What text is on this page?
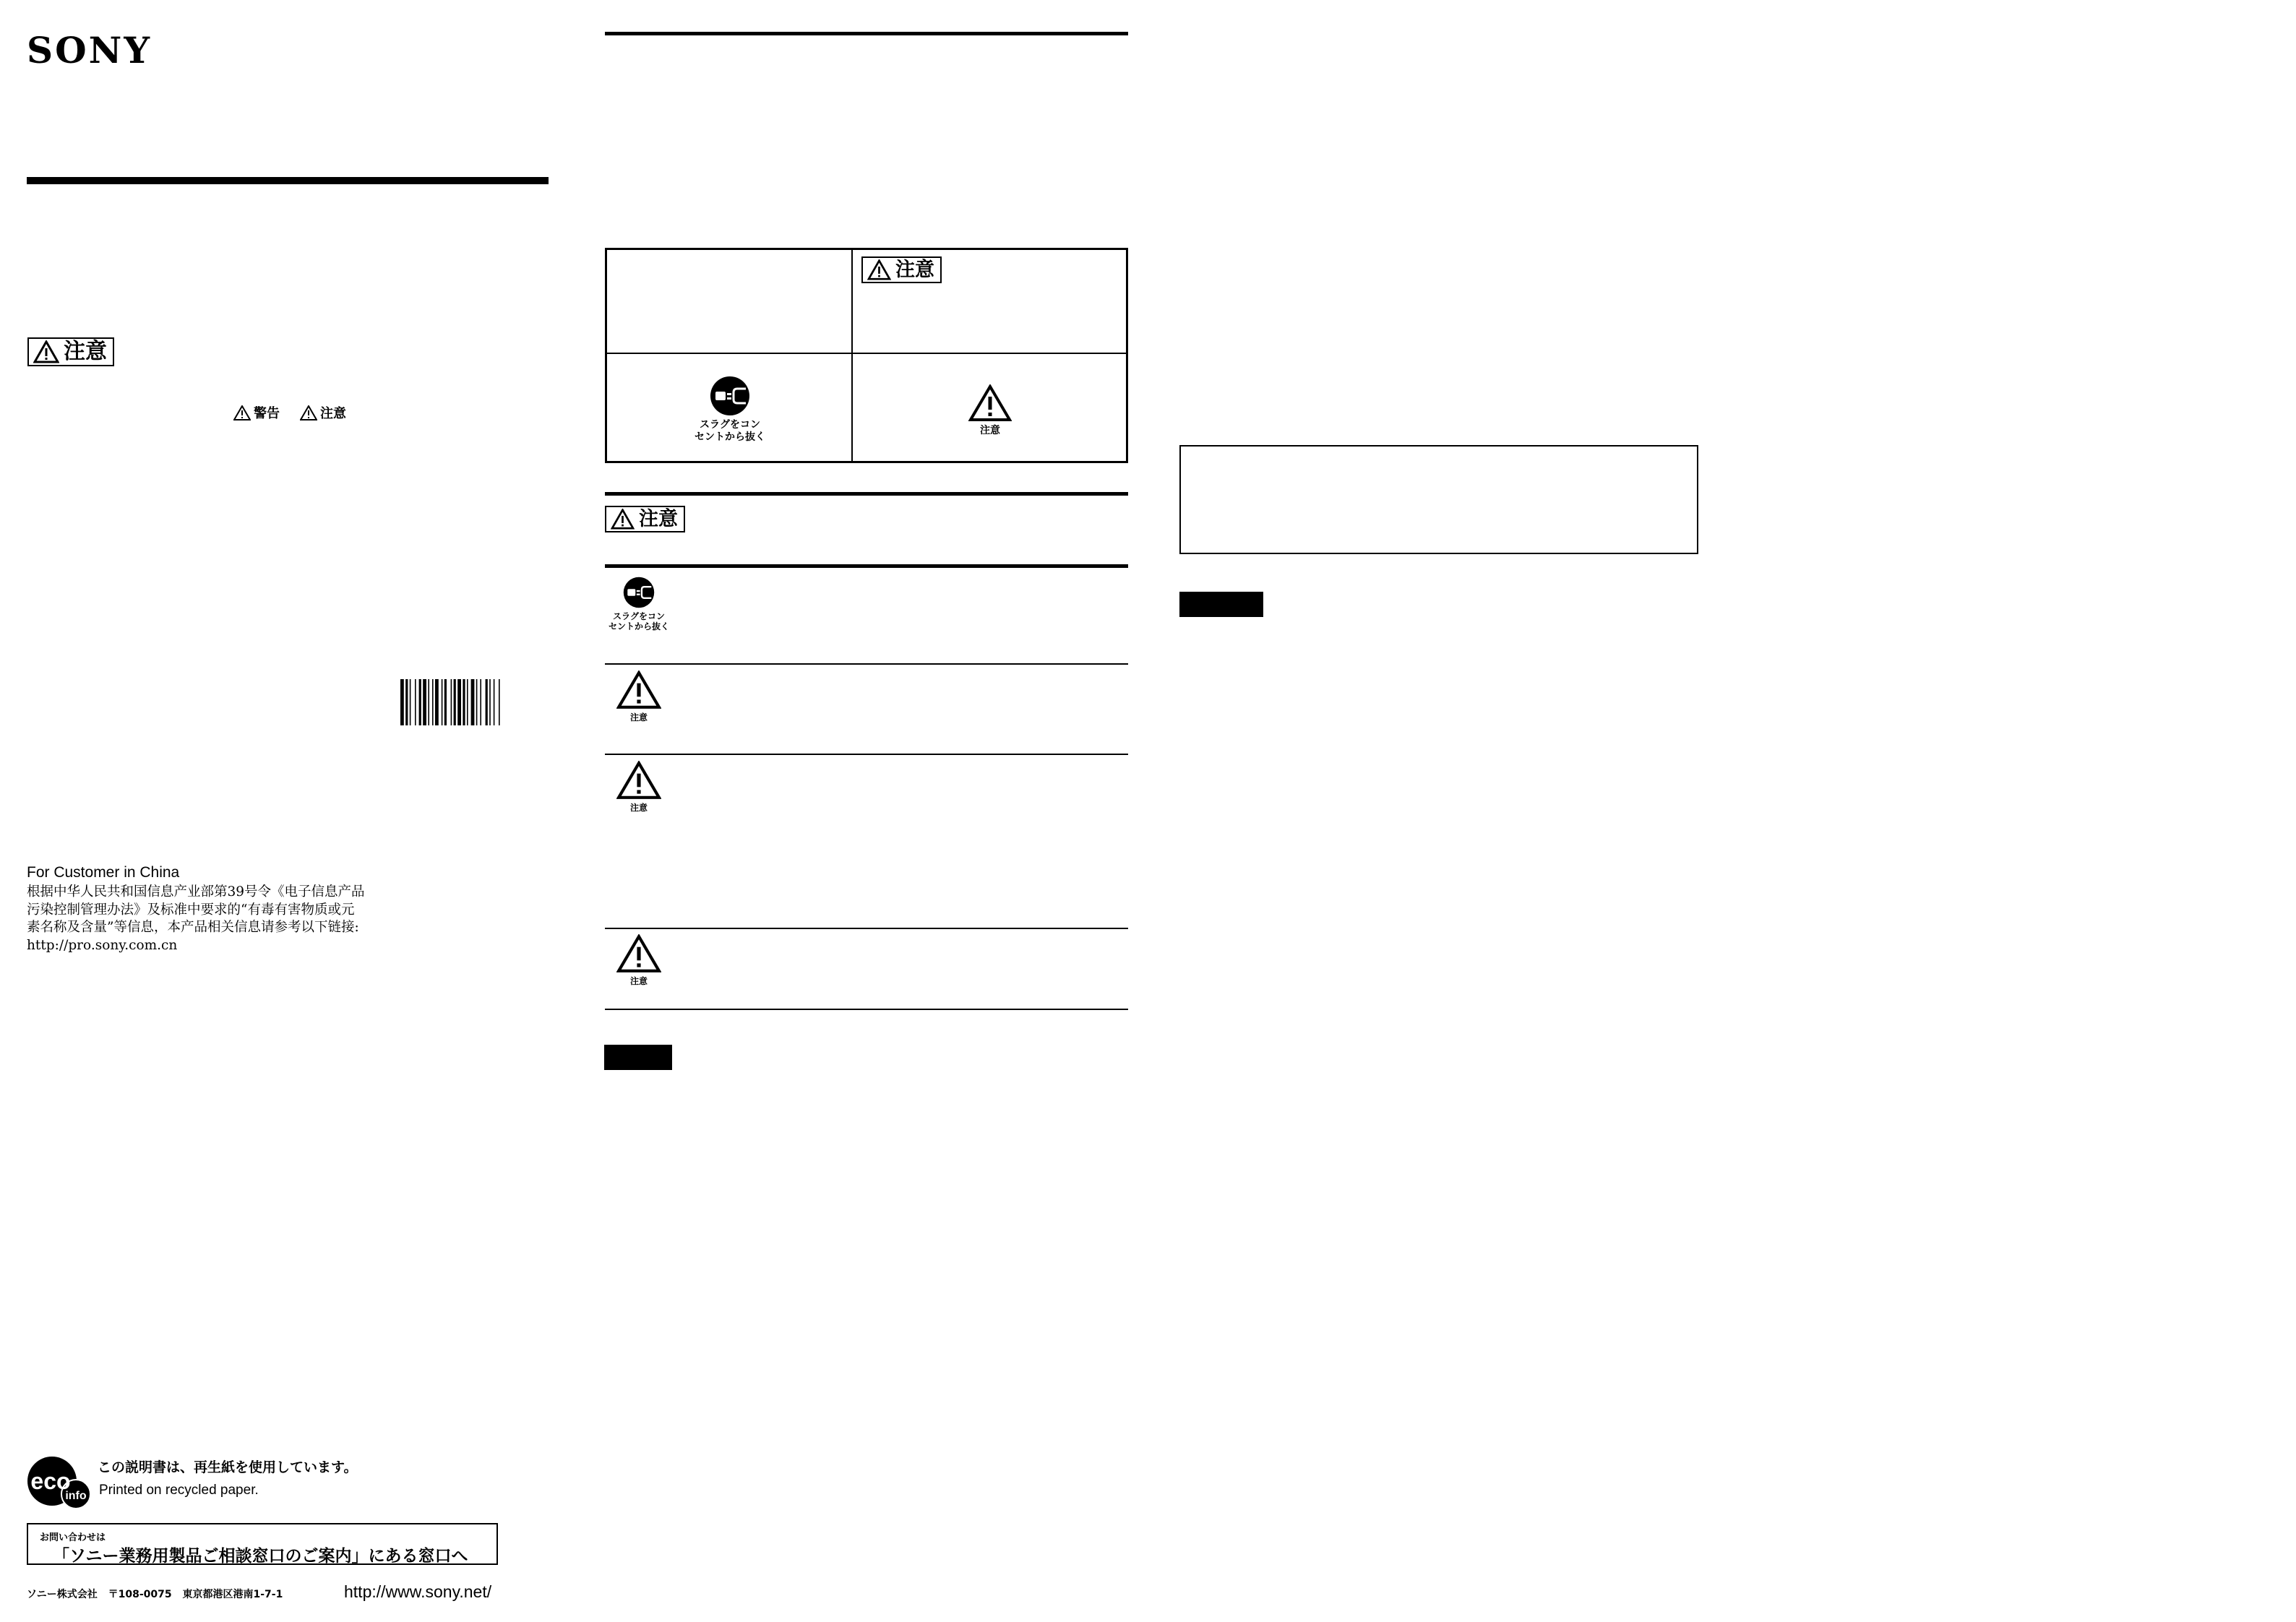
SONY
注意
警告	注意

For Customer in China

根据中华人民共和国信息产业部第39号令《电子信息产品
污染控制管理办法》及标准中要求的“有毒有害物质或元
素名称及含量”等信息，本产品相关信息请参考以下链接:
http://pro.sony.com.cn

eco
info
この説明書は、再生紙を使用しています。
Printed on recycled paper.
お問い合わせは
「ソニー業務用製品ご相談窓口のご案内」にある窓口へ
ソニー株式会社 〒108-0075 東京都港区港南1-7-1	http://www.sony.net/
注意
スラグをコン
セントから抜く
注意
注意
スラグをコン
セントから抜く
注意
注意
注意
